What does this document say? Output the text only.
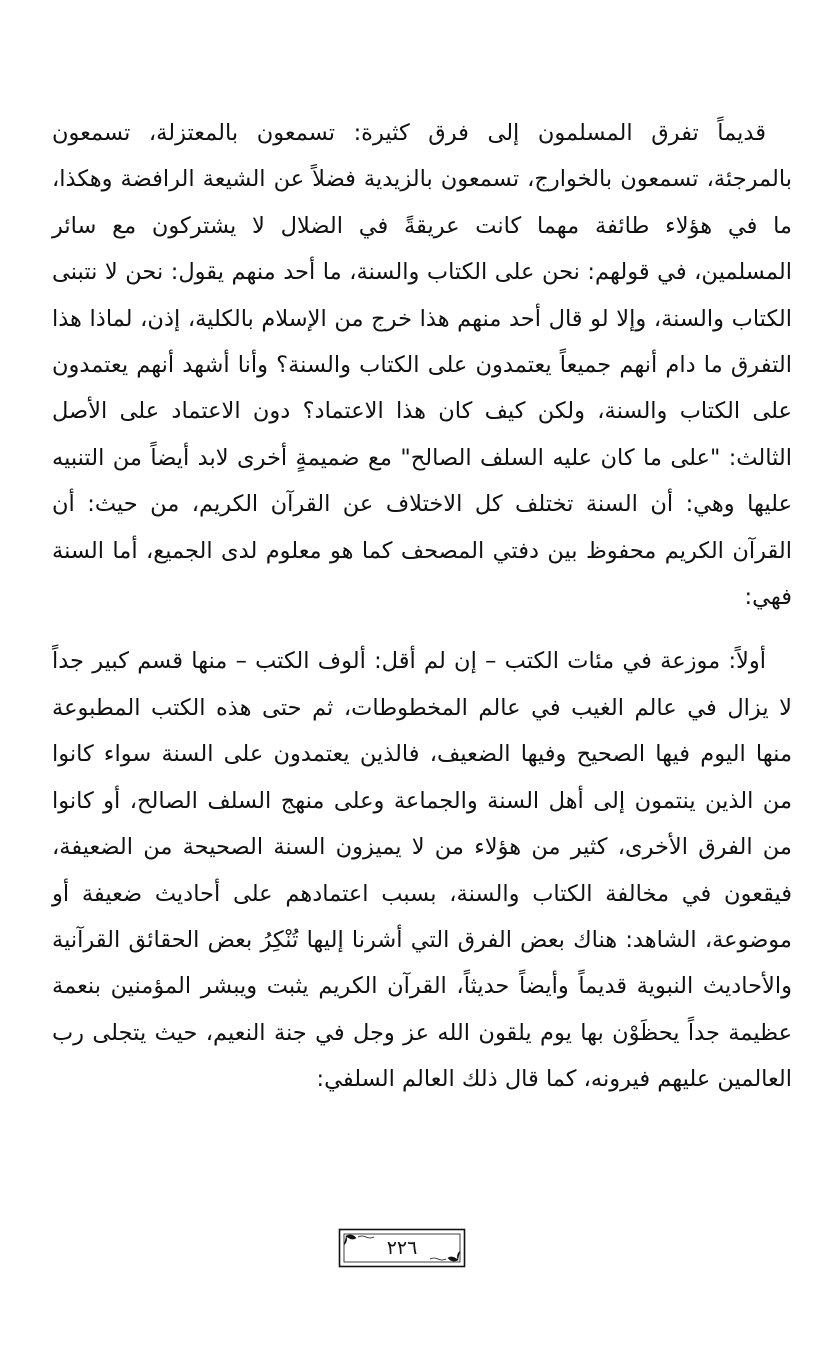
قديماً تفرق المسلمون إلى فرق كثيرة: تسمعون بالمعتزلة، تسمعون بالمرجئة، تسمعون بالخوارج، تسمعون بالزيدية فضلاً عن الشيعة الرافضة وهكذا، ما في هؤلاء طائفة مهما كانت عريقةً في الضلال لا يشتركون مع سائر المسلمين، في قولهم: نحن على الكتاب والسنة، ما أحد منهم يقول: نحن لا نتبنى الكتاب والسنة، وإلا لو قال أحد منهم هذا خرج من الإسلام بالكلية، إذن، لماذا هذا التفرق ما دام أنهم جميعاً يعتمدون على الكتاب والسنة؟ وأنا أشهد أنهم يعتمدون على الكتاب والسنة، ولكن كيف كان هذا الاعتماد؟ دون الاعتماد على الأصل الثالث: "على ما كان عليه السلف الصالح" مع ضميمةٍ أخرى لابد أيضاً من التنبيه عليها وهي: أن السنة تختلف كل الاختلاف عن القرآن الكريم، من حيث: أن القرآن الكريم محفوظ بين دفتي المصحف كما هو معلوم لدى الجميع، أما السنة فهي:

أولاً: موزعة في مئات الكتب – إن لم أقل: ألوف الكتب – منها قسم كبير جداً لا يزال في عالم الغيب في عالم المخطوطات، ثم حتى هذه الكتب المطبوعة منها اليوم فيها الصحيح وفيها الضعيف، فالذين يعتمدون على السنة سواء كانوا من الذين ينتمون إلى أهل السنة والجماعة وعلى منهج السلف الصالح، أو كانوا من الفرق الأخرى، كثير من هؤلاء من لا يميزون السنة الصحيحة من الضعيفة، فيقعون في مخالفة الكتاب والسنة، بسبب اعتمادهم على أحاديث ضعيفة أو موضوعة، الشاهد: هناك بعض الفرق التي أشرنا إليها تُنْكِرُ بعض الحقائق القرآنية والأحاديث النبوية قديماً وأيضاً حديثاً، القرآن الكريم يثبت ويبشر المؤمنين بنعمة عظيمة جداً يحظَوْن بها يوم يلقون الله عز وجل في جنة النعيم، حيث يتجلى رب العالمين عليهم فيرونه، كما قال ذلك العالم السلفي:

٢٢٦
